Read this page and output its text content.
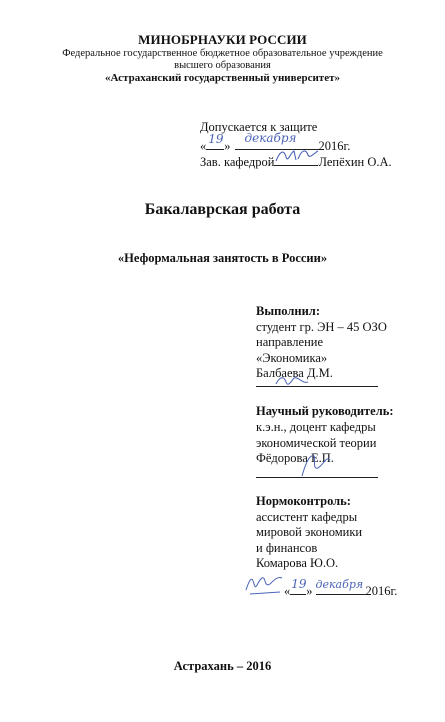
МИНОБРНАУКИ РОССИИ
Федеральное государственное бюджетное образовательное учреждение
высшего образования
«Астраханский государственный университет»
Допускается к защите
« 19 »
декабря
2016г.
Зав. кафедрой	Лепёхин О.А.
Бакалаврская работа
«Неформальная занятость в России»
Выполнил:
студент гр. ЭН – 45 ОЗО
направление
«Экономика»
Балбаева Д.М.
Научный руководитель:
к.э.н., доцент кафедры
экономической теории
Фёдорова Е.П.
Нормоконтроль:
ассистент кафедры
мировой экономики
и финансов
Комарова Ю.О.
« 19 » декабря 2016г.
Астрахань – 2016
